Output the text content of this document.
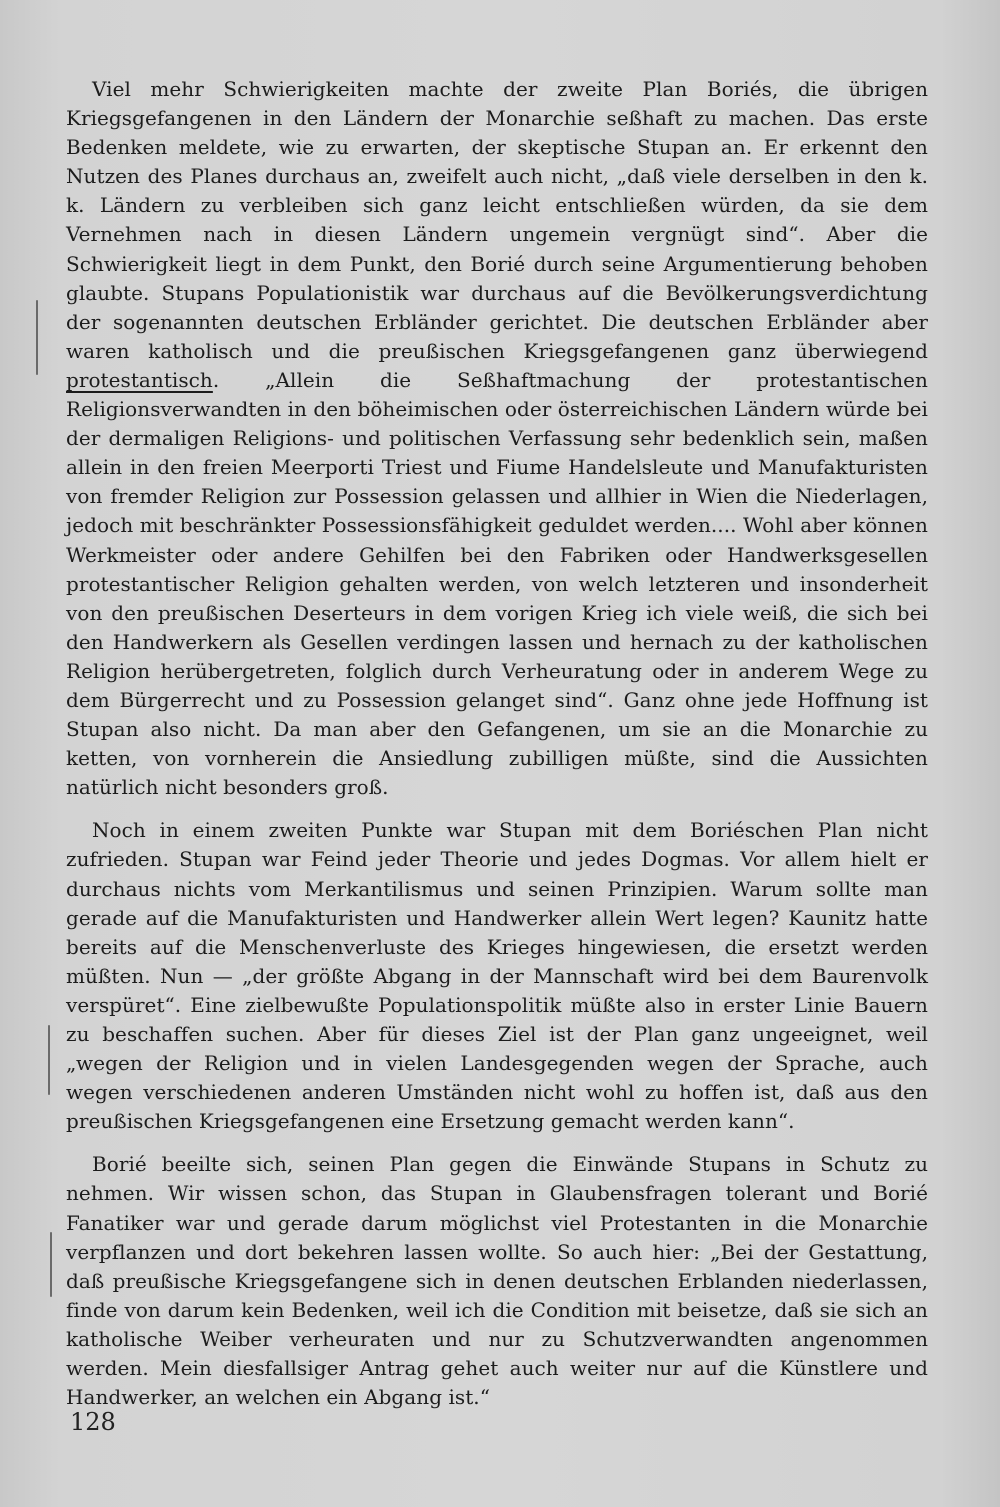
Viel mehr Schwierigkeiten machte der zweite Plan Boriés, die übrigen Kriegsgefangenen in den Ländern der Monarchie seßhaft zu machen. Das erste Bedenken meldete, wie zu erwarten, der skeptische Stupan an. Er erkennt den Nutzen des Planes durchaus an, zweifelt auch nicht, „daß viele derselben in den k. k. Ländern zu verbleiben sich ganz leicht entschließen würden, da sie dem Vernehmen nach in diesen Ländern ungemein vergnügt sind“. Aber die Schwierigkeit liegt in dem Punkt, den Borié durch seine Argumentierung behoben glaubte. Stupans Populationistik war durchaus auf die Bevölkerungsverdichtung der sogenannten deutschen Erbländer gerichtet. Die deutschen Erbländer aber waren katholisch und die preußischen Kriegsgefangenen ganz überwiegend protestantisch. „Allein die Seßhaftmachung der protestantischen Religionsverwandten in den böheimischen oder österreichischen Ländern würde bei der dermaligen Religions- und politischen Verfassung sehr bedenklich sein, maßen allein in den freien Meerporti Triest und Fiume Handelsleute und Manufakturisten von fremder Religion zur Possession gelassen und allhier in Wien die Niederlagen, jedoch mit beschränkter Possessionsfähigkeit geduldet werden.... Wohl aber können Werkmeister oder andere Gehilfen bei den Fabriken oder Handwerksgesellen protestantischer Religion gehalten werden, von welch letzteren und insonderheit von den preußischen Deserteurs in dem vorigen Krieg ich viele weiß, die sich bei den Handwerkern als Gesellen verdingen lassen und hernach zu der katholischen Religion herübergetreten, folglich durch Verheuratung oder in anderem Wege zu dem Bürgerrecht und zu Possession gelanget sind“. Ganz ohne jede Hoffnung ist Stupan also nicht. Da man aber den Gefangenen, um sie an die Monarchie zu ketten, von vornherein die Ansiedlung zubilligen müßte, sind die Aussichten natürlich nicht besonders groß.

Noch in einem zweiten Punkte war Stupan mit dem Boriéschen Plan nicht zufrieden. Stupan war Feind jeder Theorie und jedes Dogmas. Vor allem hielt er durchaus nichts vom Merkantilismus und seinen Prinzipien. Warum sollte man gerade auf die Manufakturisten und Handwerker allein Wert legen? Kaunitz hatte bereits auf die Menschenverluste des Krieges hingewiesen, die ersetzt werden müßten. Nun — „der größte Abgang in der Mannschaft wird bei dem Baurenvolk verspüret“. Eine zielbewußte Populationspolitik müßte also in erster Linie Bauern zu beschaffen suchen. Aber für dieses Ziel ist der Plan ganz ungeeignet, weil „wegen der Religion und in vielen Landesgegenden wegen der Sprache, auch wegen verschiedenen anderen Umständen nicht wohl zu hoffen ist, daß aus den preußischen Kriegsgefangenen eine Ersetzung gemacht werden kann“.

Borié beeilte sich, seinen Plan gegen die Einwände Stupans in Schutz zu nehmen. Wir wissen schon, das Stupan in Glaubensfragen tolerant und Borié Fanatiker war und gerade darum möglichst viel Protestanten in die Monarchie verpflanzen und dort bekehren lassen wollte. So auch hier: „Bei der Gestattung, daß preußische Kriegsgefangene sich in denen deutschen Erblanden niederlassen, finde von darum kein Bedenken, weil ich die Condition mit beisetze, daß sie sich an katholische Weiber verheuraten und nur zu Schutzverwandten angenommen werden. Mein diesfallsiger Antrag gehet auch weiter nur auf die Künstlere und Handwerker, an welchen ein Abgang ist.“

128
